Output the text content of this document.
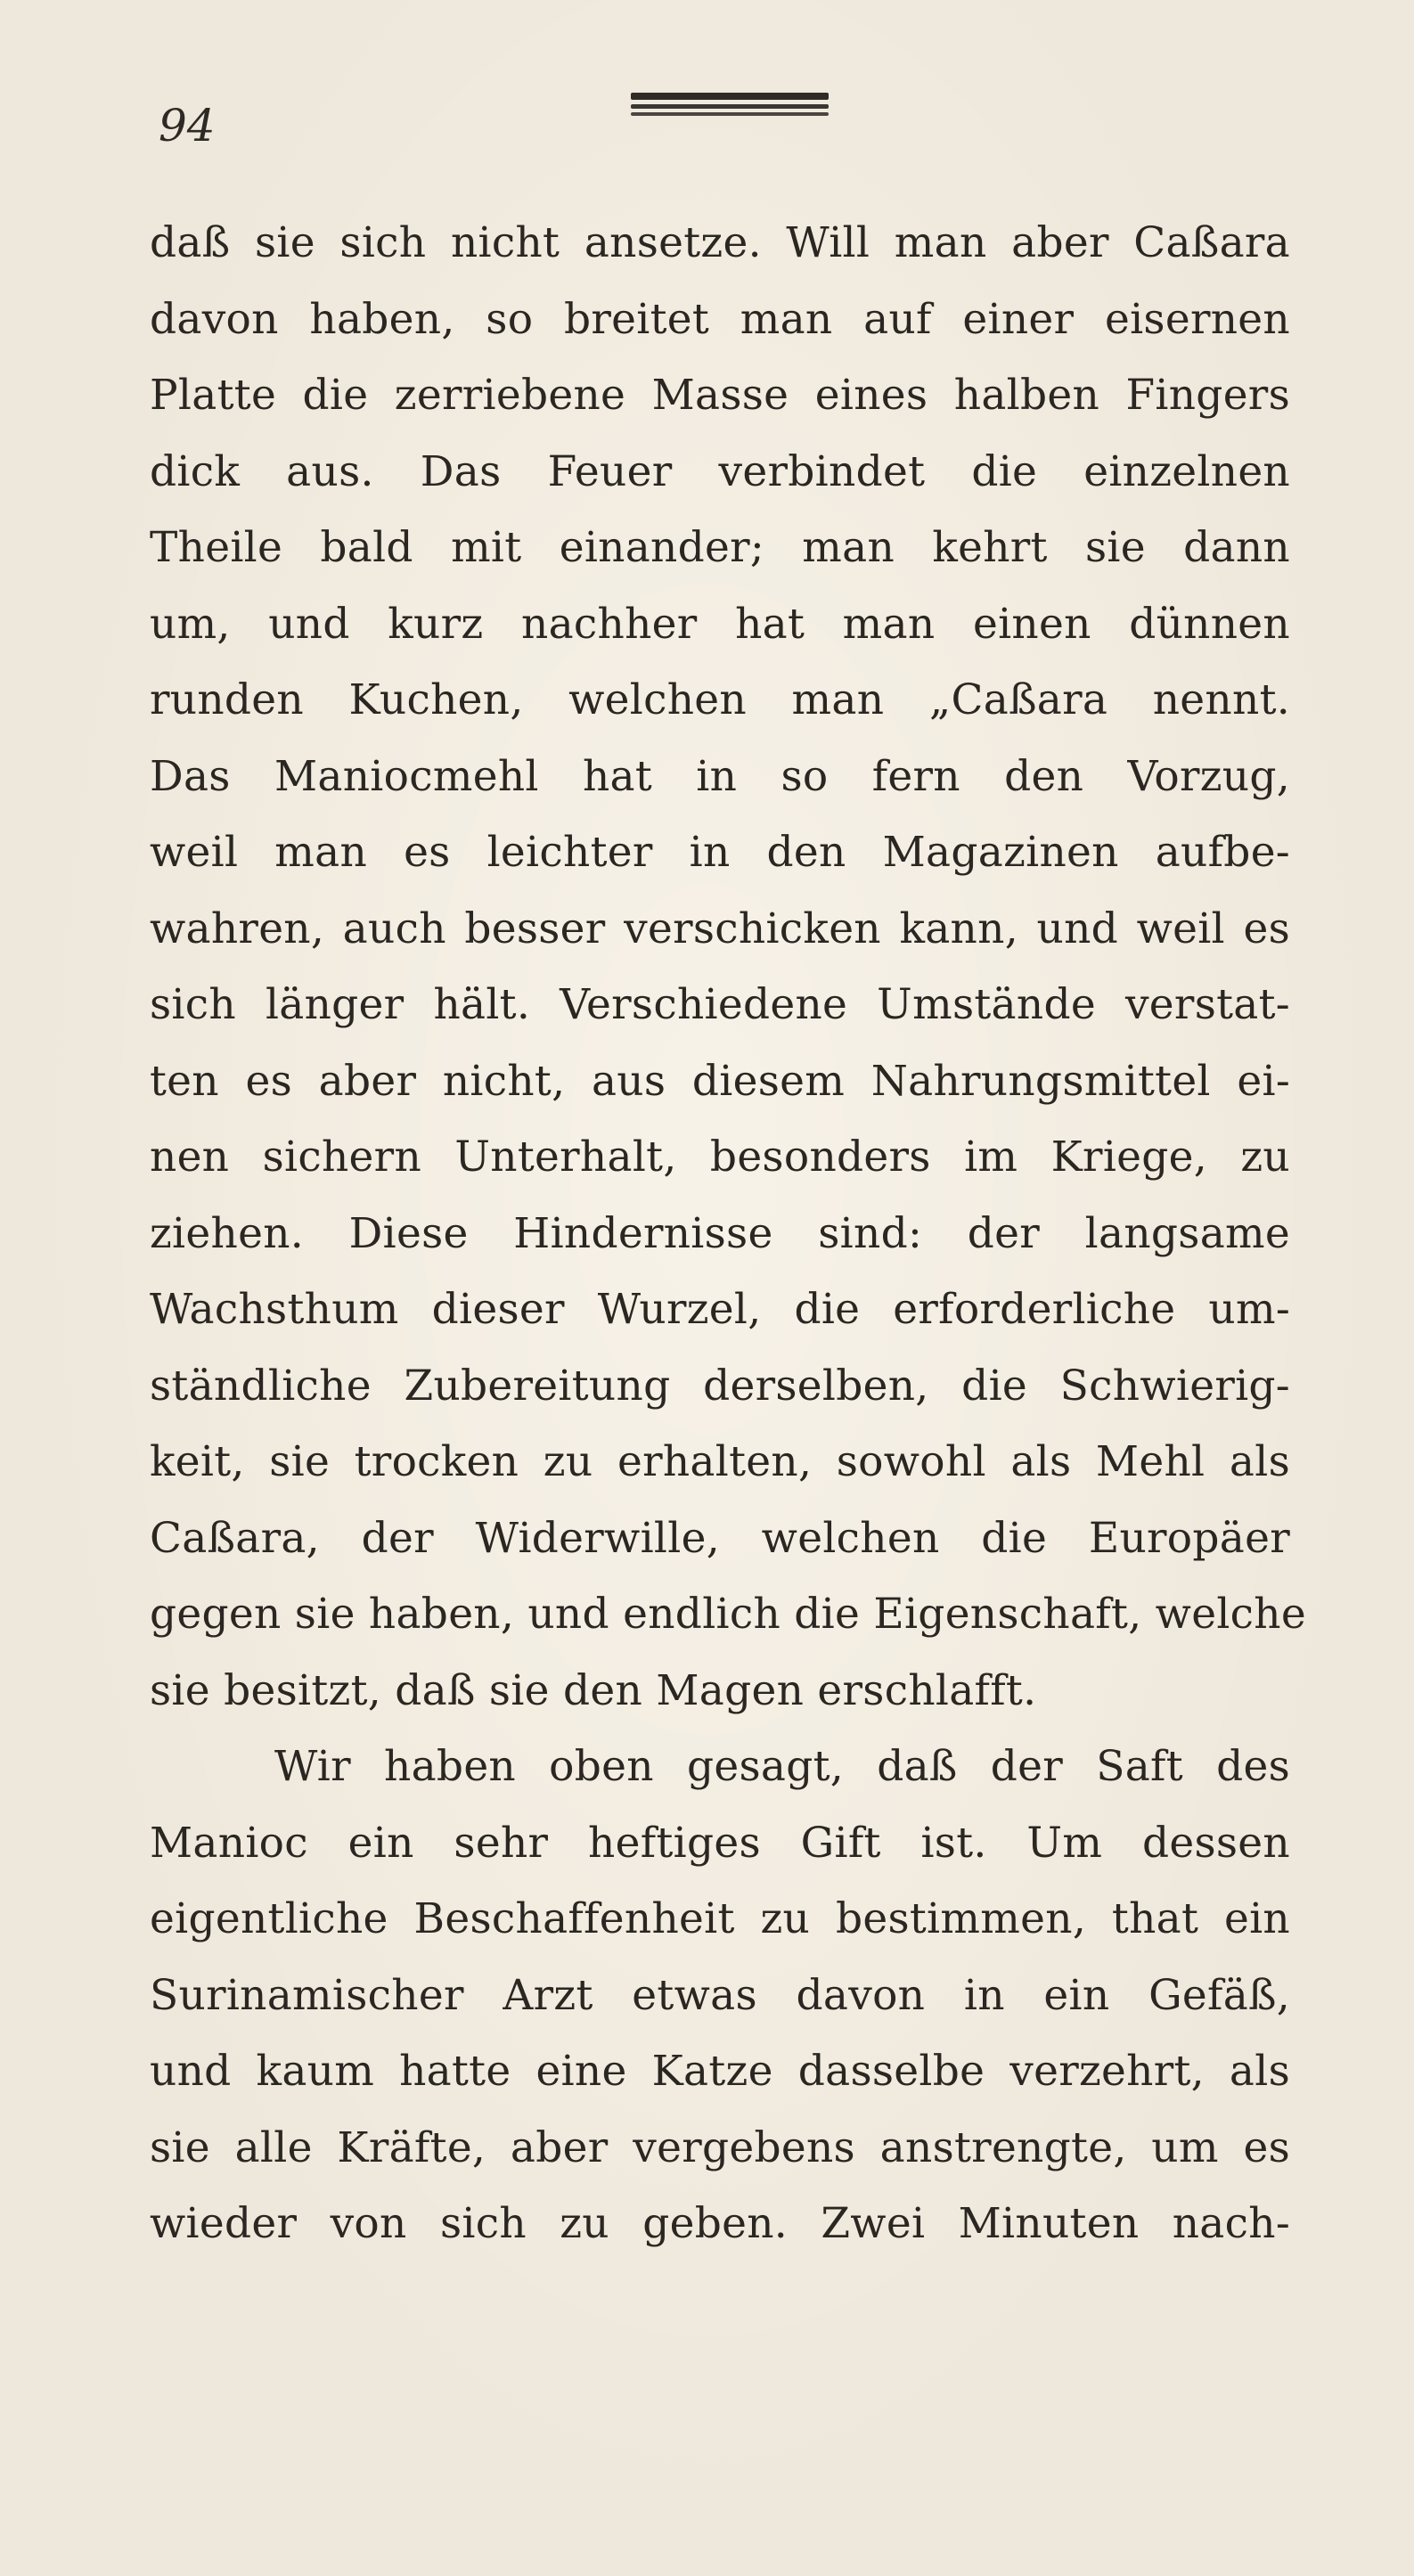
94
daß sie sich nicht ansetze. Will man aber Caßara
davon haben, so breitet man auf einer eisernen
Platte die zerriebene Masse eines halben Fingers
dick aus. Das Feuer verbindet die einzelnen
Theile bald mit einander; man kehrt sie dann
um, und kurz nachher hat man einen dünnen
runden Kuchen, welchen man „Caßara nennt.
Das Maniocmehl hat in so fern den Vorzug,
weil man es leichter in den Magazinen aufbe-
wahren, auch besser verschicken kann, und weil es
sich länger hält. Verschiedene Umstände verstat-
ten es aber nicht, aus diesem Nahrungsmittel ei-
nen sichern Unterhalt, besonders im Kriege, zu
ziehen. Diese Hindernisse sind: der langsame
Wachsthum dieser Wurzel, die erforderliche um-
ständliche Zubereitung derselben, die Schwierig-
keit, sie trocken zu erhalten, sowohl als Mehl als
Caßara, der Widerwille, welchen die Europäer
gegen sie haben, und endlich die Eigenschaft, welche
sie besitzt, daß sie den Magen erschlafft.
Wir haben oben gesagt, daß der Saft des
Manioc ein sehr heftiges Gift ist. Um dessen
eigentliche Beschaffenheit zu bestimmen, that ein
Surinamischer Arzt etwas davon in ein Gefäß,
und kaum hatte eine Katze dasselbe verzehrt, als
sie alle Kräfte, aber vergebens anstrengte, um es
wieder von sich zu geben. Zwei Minuten nach-
